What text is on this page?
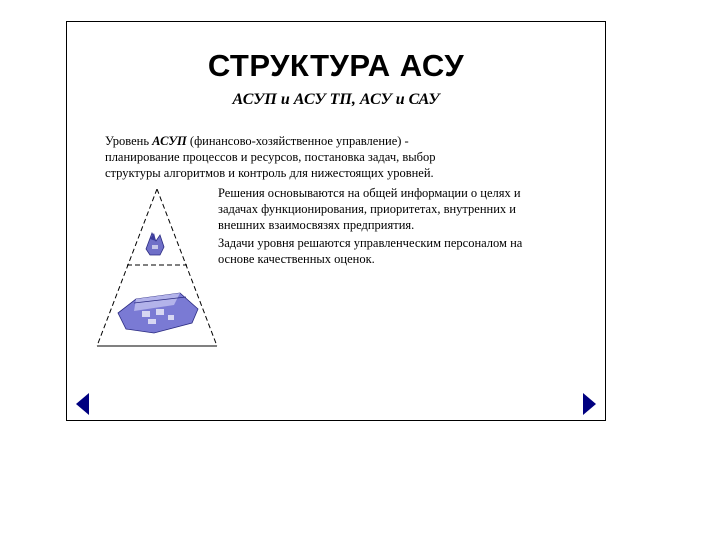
СТРУКТУРА АСУ
АСУП и АСУ ТП, АСУ и САУ
Уровень АСУП (финансово-хозяйственное управление) - планирование процессов и ресурсов, постановка задач, выбор структуры алгоритмов и контроль для нижестоящих уровней.
Решения основываются на общей информации о целях и задачах функционирования, приоритетах, внутренних и внешних взаимосвязях предприятия.
Задачи уровня решаются управленческим персоналом на основе качественных оценок.
